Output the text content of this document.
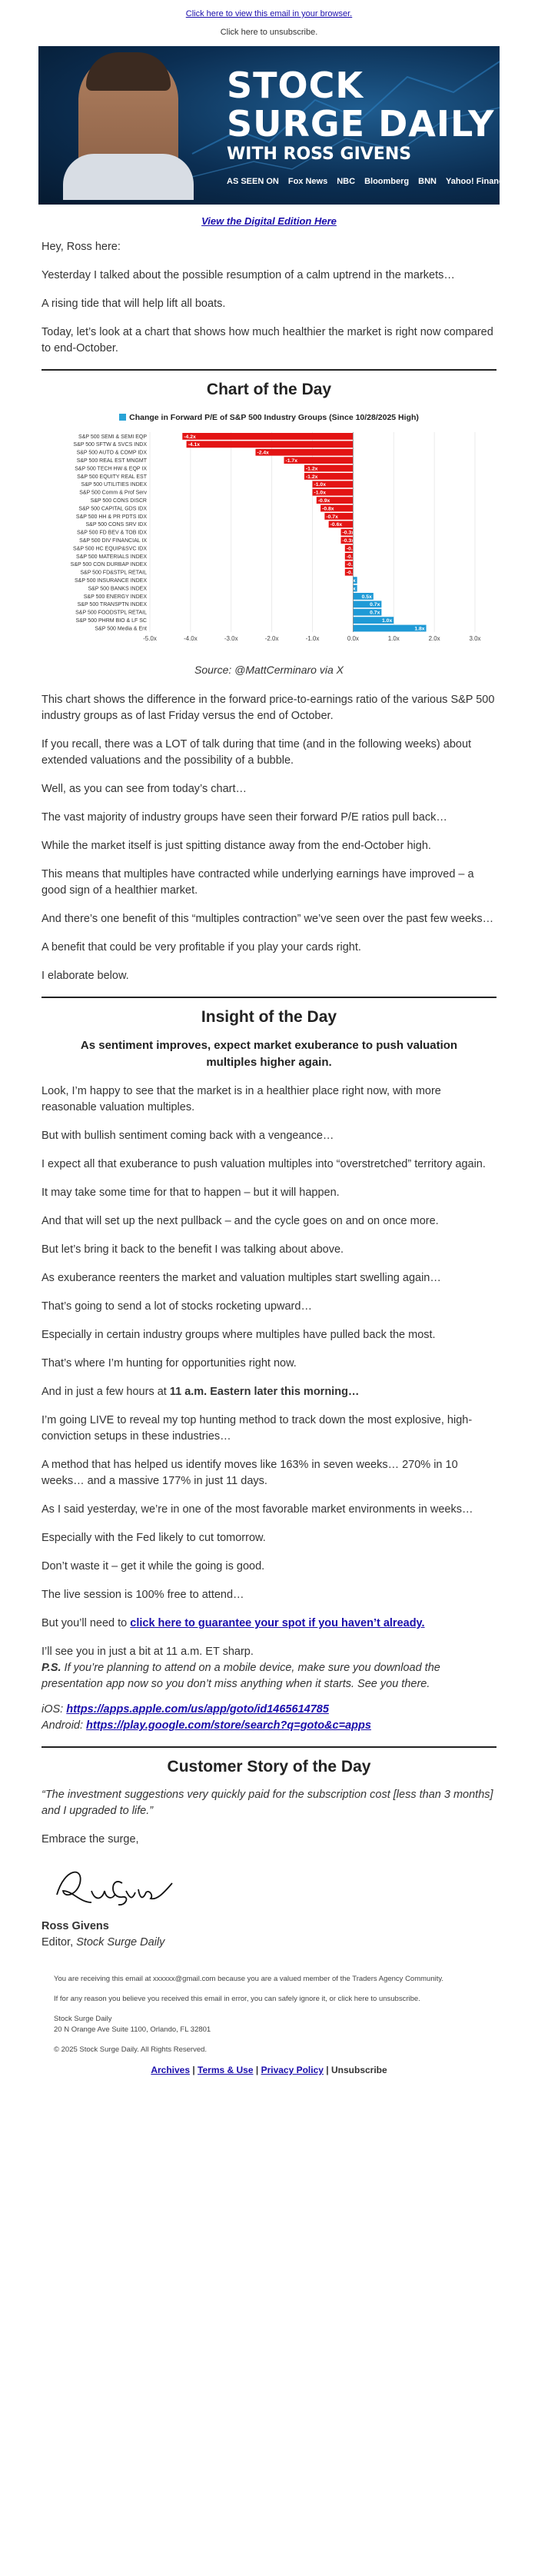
Click here to view this email in your browser.
Click here to unsubscribe.
STOCK
SURGE DAILY
WITH ROSS GIVENS
AS SEEN ON Fox News NBC Bloomberg BNN Yahoo! Finance
View the Digital Edition Here

Hey, Ross here:

Yesterday I talked about the possible resumption of a calm uptrend in the markets…

A rising tide that will help lift all boats.

Today, let’s look at a chart that shows how much healthier the market is right now compared to end-October.

Chart of the Day
Change in Forward P/E of S&P 500 Industry Groups (Since 10/28/2025 High)
-5.0x	-4.0x	-3.0x	-2.0x	-1.0x	0.0x	1.0x	2.0x	3.0x
S&P 500 SEMI & SEMI EQP	-4.2x
S&P 500 SFTW & SVCS INDX	-4.1x
S&P 500 AUTO & COMP IDX	-2.4x
S&P 500 REAL EST MNGMT	-1.7x
S&P 500 TECH HW & EQP IX	-1.2x
S&P 500 EQUITY REAL EST	-1.2x
S&P 500 UTILITIES INDEX	-1.0x
S&P 500 Comm & Prof Serv	-1.0x
S&P 500 CONS DISCR	-0.9x
S&P 500 CAPITAL GDS IDX	-0.8x
S&P 500 HH & PR PDTS IDX	-0.7x
S&P 500 CONS SRV IDX	-0.6x
S&P 500 FD BEV & TOB IDX	-0.3x
S&P 500 DIV FINANCIAL IX	-0.3x
S&P 500 HC EQUIP&SVC IDX	-0.2x
S&P 500 MATERIALS INDEX	-0.2x
S&P 500 CON DURBAP INDEX	-0.2x
S&P 500 FD&STPL RETAIL	-0.2x
S&P 500 INSURANCE INDEX	0.1x
S&P 500 BANKS INDEX	0.1x
S&P 500 ENERGY INDEX	0.5x
S&P 500 TRANSPTN INDEX	0.7x
S&P 500 FOODSTPL RETAIL	0.7x
S&P 500 PHRM BIO & LF SC	1.0x
S&P 500 Media & Ent	1.8x
Source: @MattCerminaro via X

This chart shows the difference in the forward price-to-earnings ratio of the various S&P 500 industry groups as of last Friday versus the end of October.

If you recall, there was a LOT of talk during that time (and in the following weeks) about extended valuations and the possibility of a bubble.

Well, as you can see from today’s chart…

The vast majority of industry groups have seen their forward P/E ratios pull back…

While the market itself is just spitting distance away from the end-October high.

This means that multiples have contracted while underlying earnings have improved – a good sign of a healthier market.

And there’s one benefit of this “multiples contraction” we’ve seen over the past few weeks…

A benefit that could be very profitable if you play your cards right.

I elaborate below.

Insight of the Day
As sentiment improves, expect market exuberance to push valuation multiples higher again.

Look, I’m happy to see that the market is in a healthier place right now, with more reasonable valuation multiples.

But with bullish sentiment coming back with a vengeance…

I expect all that exuberance to push valuation multiples into “overstretched” territory again.

It may take some time for that to happen – but it will happen.

And that will set up the next pullback – and the cycle goes on and on once more.

But let’s bring it back to the benefit I was talking about above.

As exuberance reenters the market and valuation multiples start swelling again…

That’s going to send a lot of stocks rocketing upward…

Especially in certain industry groups where multiples have pulled back the most.

That’s where I’m hunting for opportunities right now.

And in just a few hours at 11 a.m. Eastern later this morning…

I’m going LIVE to reveal my top hunting method to track down the most explosive, high-conviction setups in these industries…

A method that has helped us identify moves like 163% in seven weeks… 270% in 10 weeks… and a massive 177% in just 11 days.

As I said yesterday, we’re in one of the most favorable market environments in weeks…

Especially with the Fed likely to cut tomorrow.

Don’t waste it – get it while the going is good.

The live session is 100% free to attend…

But you’ll need to click here to guarantee your spot if you haven’t already.

I’ll see you in just a bit at 11 a.m. ET sharp.
P.S. If you’re planning to attend on a mobile device, make sure you download the presentation app now so you don’t miss anything when it starts. See you there.

iOS: https://apps.apple.com/us/app/goto/id1465614785
Android: https://play.google.com/store/search?q=goto&c=apps

Customer Story of the Day

“The investment suggestions very quickly paid for the subscription cost [less than 3 months] and I upgraded to life.”

Embrace the surge,

Ross Givens
Editor, Stock Surge Daily

You are receiving this email at xxxxxx@gmail.com because you are a valued member of the Traders Agency Community.

If for any reason you believe you received this email in error, you can safely ignore it, or click here to unsubscribe.

Stock Surge Daily
20 N Orange Ave Suite 1100, Orlando, FL 32801

© 2025 Stock Surge Daily. All Rights Reserved.

Archives | Terms & Use | Privacy Policy | Unsubscribe
